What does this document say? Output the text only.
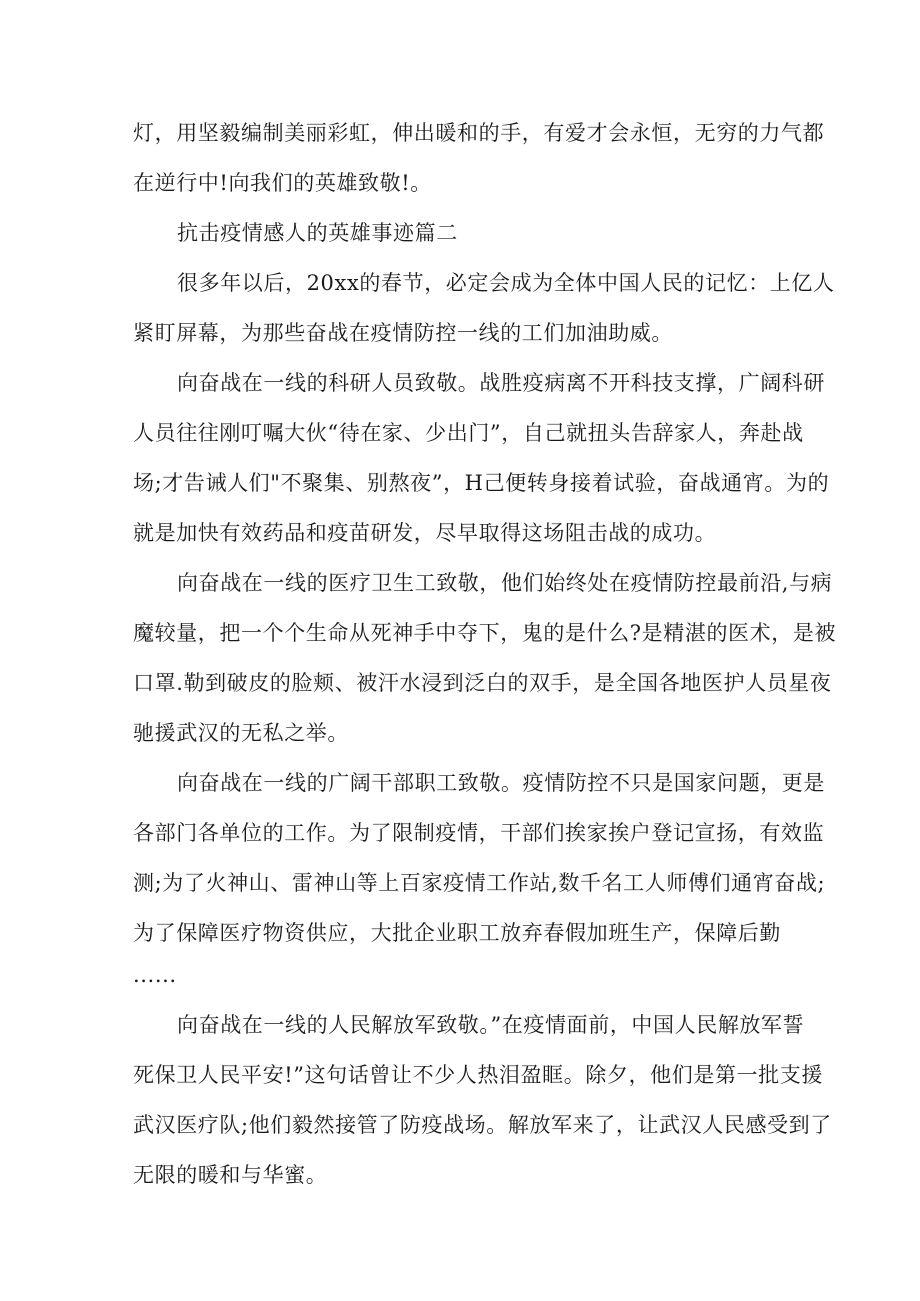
灯，用坚毅编制美丽彩虹，伸出暖和的手，有爱才会永恒，无穷的力气都
在逆行中!向我们的英雄致敬!。
抗击疫情感人的英雄事迹篇二
很多年以后，20xx的春节，必定会成为全体中国人民的记忆：上亿人
紧盯屏幕，为那些奋战在疫情防控一线的工们加油助威。
向奋战在一线的科研人员致敬。战胜疫病离不开科技支撑，广阔科研
人员往往刚叮嘱大伙“待在家、少出门”，自己就扭头告辞家人，奔赴战
场;才告诫人们"不聚集、别熬夜”，H己便转身接着试验，奋战通宵。为的
就是加快有效药品和疫苗研发，尽早取得这场阻击战的成功。
向奋战在一线的医疗卫生工致敬，他们始终处在疫情防控最前沿,与病
魔较量，把一个个生命从死神手中夺下，鬼的是什么?是精湛的医术，是被
口罩.勒到破皮的脸颊、被汗水浸到泛白的双手，是全国各地医护人员星夜
驰援武汉的无私之举。
向奋战在一线的广阔干部职工致敬。疫情防控不只是国家问题，更是
各部门各单位的工作。为了限制疫情，干部们挨家挨户登记宣扬，有效监
测;为了火神山、雷神山等上百家疫情工作站,数千名工人师傅们通宵奋战;
为了保障医疗物资供应，大批企业职工放弃春假加班生产，保障后勤
......
向奋战在一线的人民解放军致敬。”在疫情面前，中国人民解放军誓
死保卫人民平安!”这句话曾让不少人热泪盈眶。除夕，他们是第一批支援
武汉医疗队;他们毅然接管了防疫战场。解放军来了，让武汉人民感受到了
无限的暖和与华蜜。
